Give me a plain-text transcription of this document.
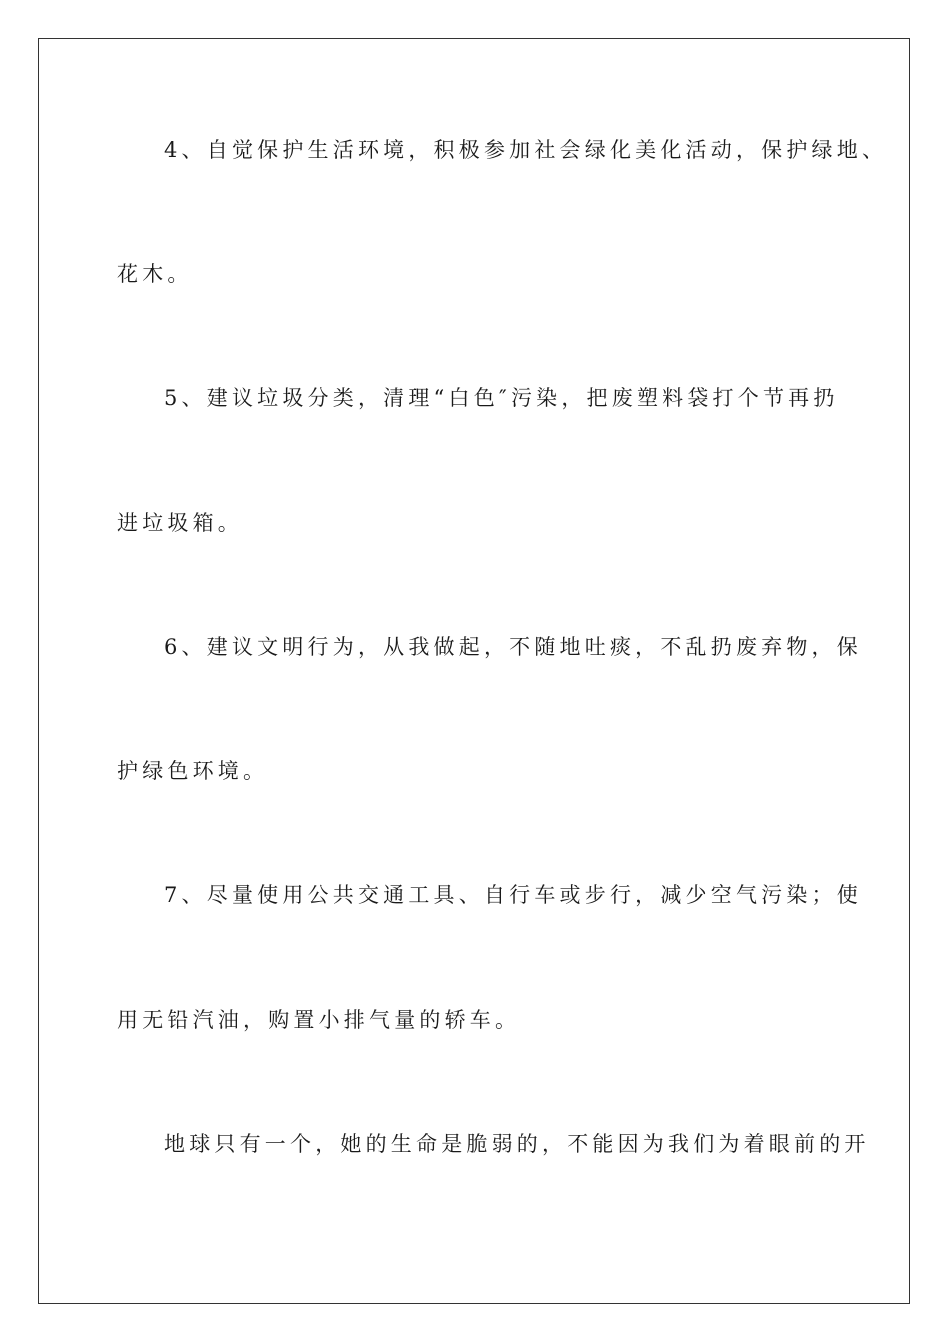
4、自觉保护生活环境，积极参加社会绿化美化活动，保护绿地、
花木。
5、建议垃圾分类，清理“白色″污染，把废塑料袋打个节再扔
进垃圾箱。
6、建议文明行为，从我做起，不随地吐痰，不乱扔废弃物，保
护绿色环境。
7、尽量使用公共交通工具、自行车或步行，减少空气污染；使
用无铅汽油，购置小排气量的轿车。
地球只有一个，她的生命是脆弱的，不能因为我们为着眼前的开
